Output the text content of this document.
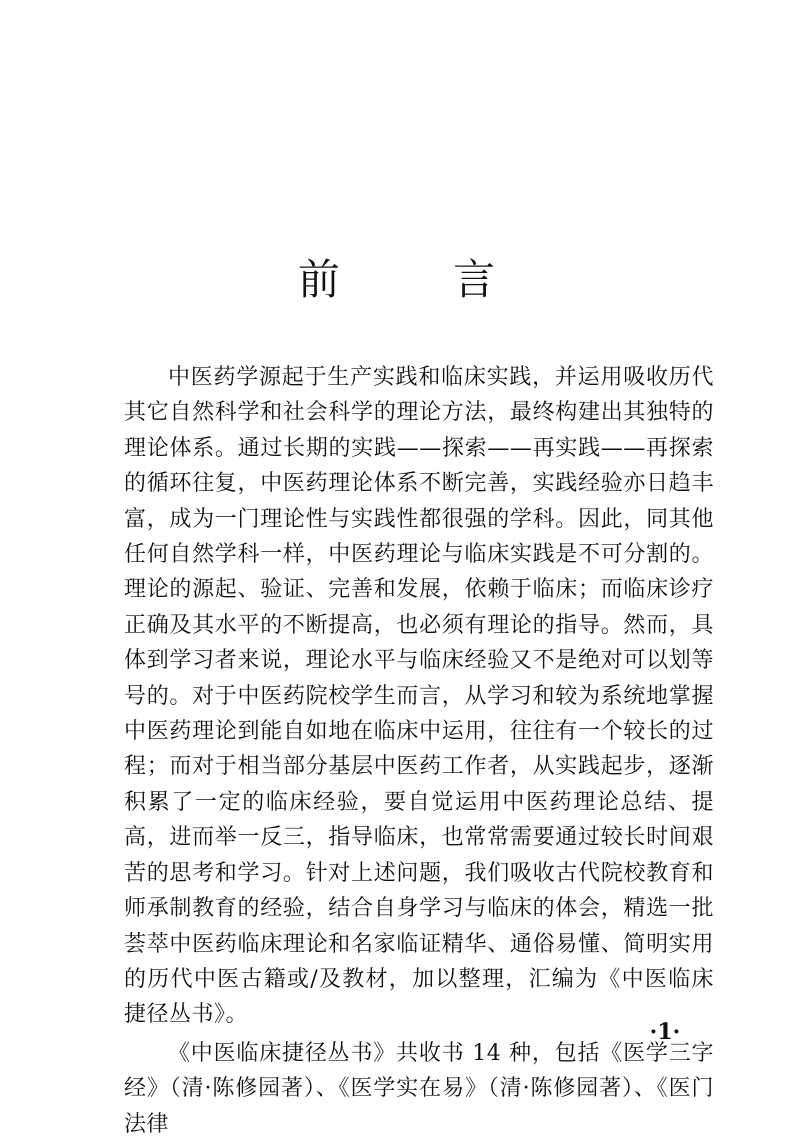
前 言

中医药学源起于生产实践和临床实践，并运用吸收历代其它自然科学和社会科学的理论方法，最终构建出其独特的理论体系。通过长期的实践——探索——再实践——再探索的循环往复，中医药理论体系不断完善，实践经验亦日趋丰富，成为一门理论性与实践性都很强的学科。因此，同其他任何自然学科一样，中医药理论与临床实践是不可分割的。理论的源起、验证、完善和发展，依赖于临床；而临床诊疗正确及其水平的不断提高，也必须有理论的指导。然而，具体到学习者来说，理论水平与临床经验又不是绝对可以划等号的。对于中医药院校学生而言，从学习和较为系统地掌握中医药理论到能自如地在临床中运用，往往有一个较长的过程；而对于相当部分基层中医药工作者，从实践起步，逐渐积累了一定的临床经验，要自觉运用中医药理论总结、提高，进而举一反三，指导临床，也常常需要通过较长时间艰苦的思考和学习。针对上述问题，我们吸收古代院校教育和师承制教育的经验，结合自身学习与临床的体会，精选一批荟萃中医药临床理论和名家临证精华、通俗易懂、简明实用的历代中医古籍或/及教材，加以整理，汇编为《中医临床捷径丛书》。

《中医临床捷径丛书》共收书 14 种，包括《医学三字经》（清·陈修园著）、《医学实在易》（清·陈修园著）、《医门法律

·1·
